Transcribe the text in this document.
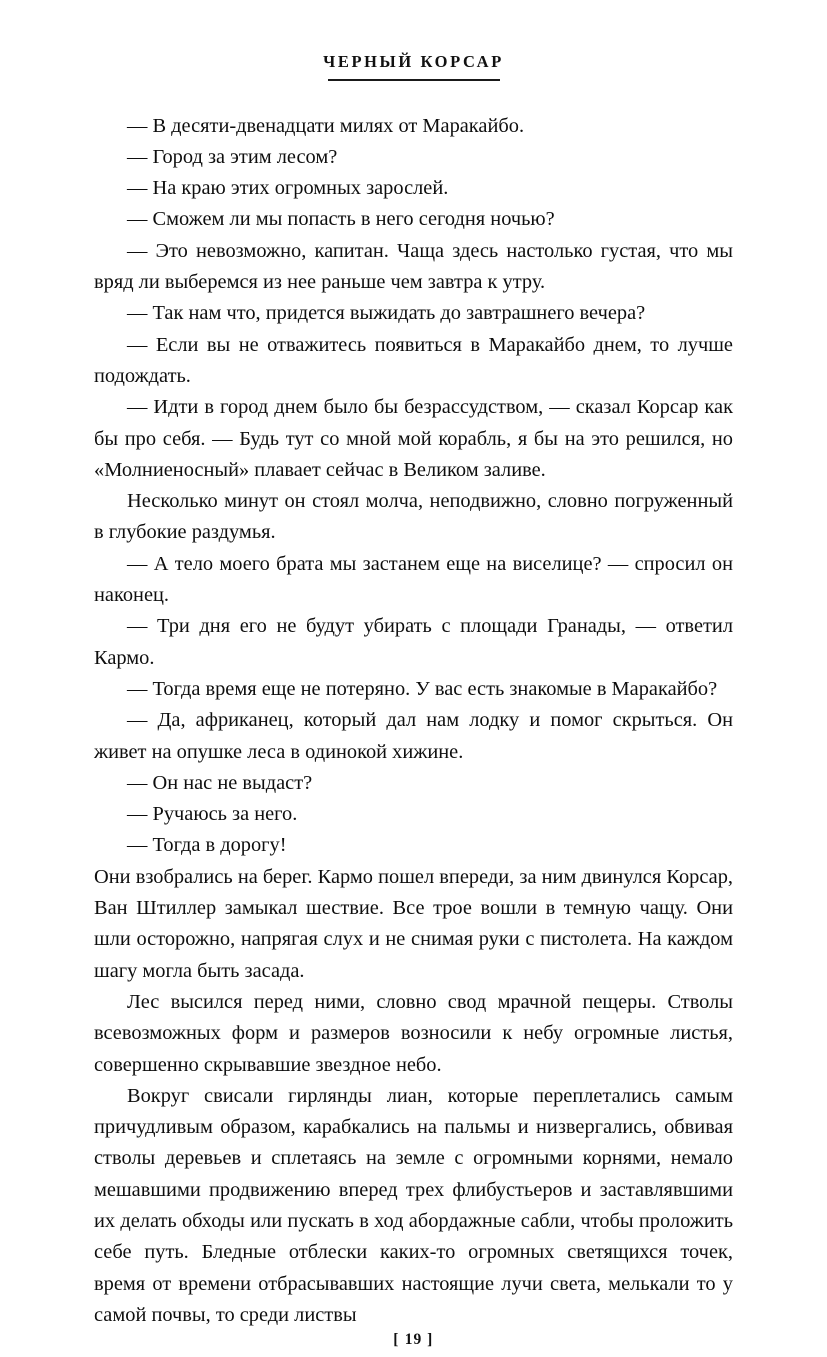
ЧЕРНЫЙ КОРСАР

— В десяти-двенадцати милях от Маракайбо.

— Город за этим лесом?

— На краю этих огромных зарослей.

— Сможем ли мы попасть в него сегодня ночью?

— Это невозможно, капитан. Чаща здесь настолько густая, что мы вряд ли выберемся из нее раньше чем завтра к утру.

— Так нам что, придется выжидать до завтрашнего вечера?

— Если вы не отважитесь появиться в Маракайбо днем, то лучше подождать.

— Идти в город днем было бы безрассудством, — сказал Корсар как бы про себя. — Будь тут со мной мой корабль, я бы на это решился, но «Молниеносный» плавает сейчас в Великом заливе.

Несколько минут он стоял молча, неподвижно, словно погруженный в глубокие раздумья.

— А тело моего брата мы застанем еще на виселице? — спросил он наконец.

— Три дня его не будут убирать с площади Гранады, — ответил Кармо.

— Тогда время еще не потеряно. У вас есть знакомые в Маракайбо?

— Да, африканец, который дал нам лодку и помог скрыться. Он живет на опушке леса в одинокой хижине.

— Он нас не выдаст?

— Ручаюсь за него.

— Тогда в дорогу!

Они взобрались на берег. Кармо пошел впереди, за ним двинулся Корсар, Ван Штиллер замыкал шествие. Все трое вошли в темную чащу. Они шли осторожно, напрягая слух и не снимая руки с пистолета. На каждом шагу могла быть засада.

Лес высился перед ними, словно свод мрачной пещеры. Стволы всевозможных форм и размеров возносили к небу огромные листья, совершенно скрывавшие звездное небо.

Вокруг свисали гирлянды лиан, которые переплетались самым причудливым образом, карабкались на пальмы и низвергались, обвивая стволы деревьев и сплетаясь на земле с огромными корнями, немало мешавшими продвижению вперед трех флибустьеров и заставлявшими их делать обходы или пускать в ход абордажные сабли, чтобы проложить себе путь. Бледные отблески каких-то огромных светящихся точек, время от времени отбрасывавших настоящие лучи света, мелькали то у самой почвы, то среди листвы

[ 19 ]
